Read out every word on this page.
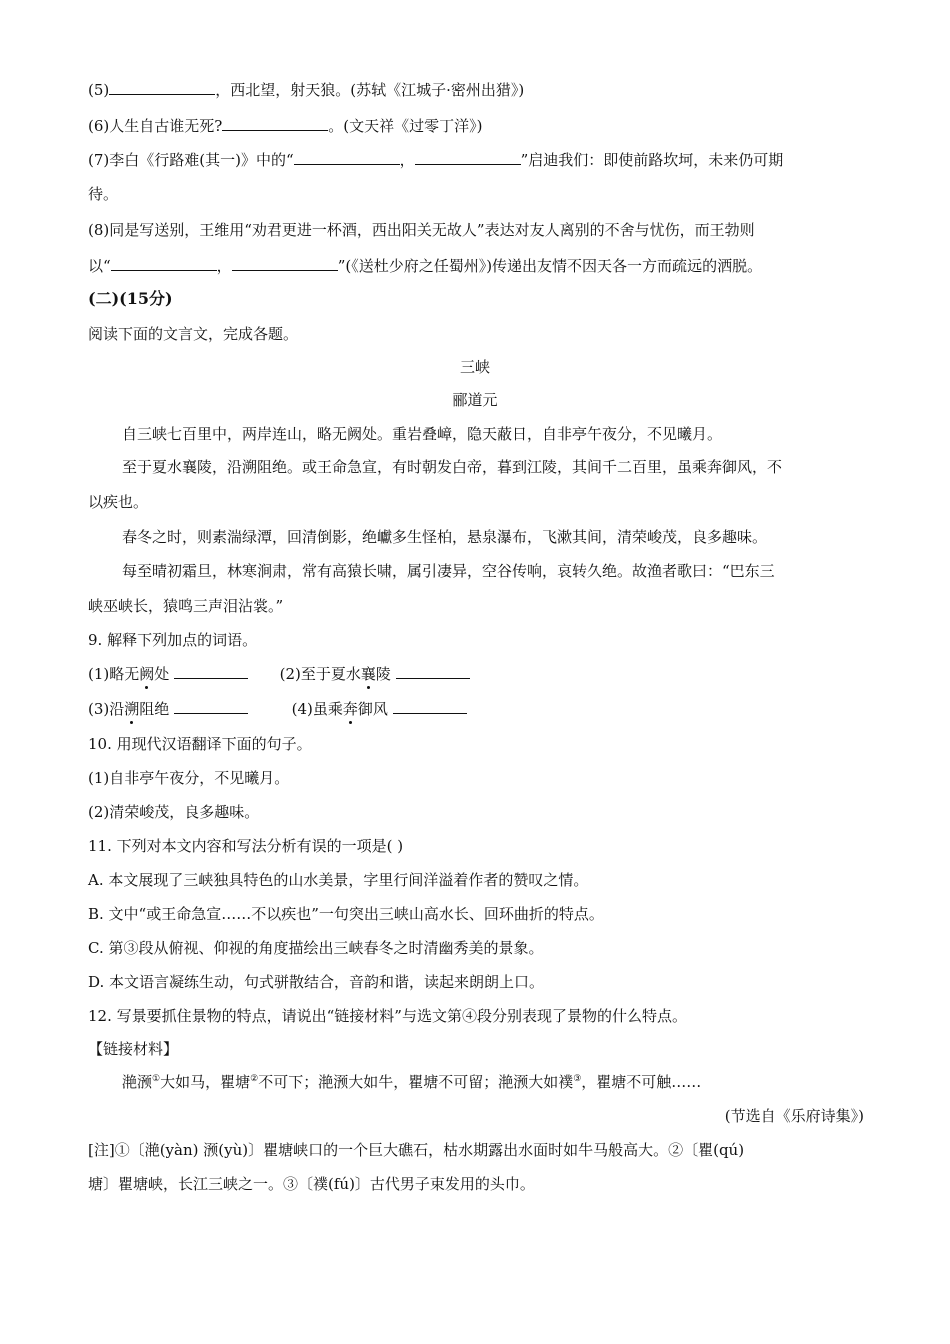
(5)	，西北望，射天狼。(苏轼《江城子·密州出猎》)
(6)人生自古谁无死?	。(文天祥《过零丁洋》)
(7)李白《行路难(其一)》中的“	，	”启迪我们：即使前路坎坷，未来仍可期
待。
(8)同是写送别，王维用“劝君更进一杯酒，西出阳关无故人”表达对友人离别的不舍与忧伤，而王勃则
以“	，	”(《送杜少府之任蜀州》)传递出友情不因天各一方而疏远的洒脱。
(二)(15分)
阅读下面的文言文，完成各题。
三峡
郦道元
自三峡七百里中，两岸连山，略无阙处。重岩叠嶂，隐天蔽日，自非亭午夜分，不见曦月。
至于夏水襄陵，沿溯阻绝。或王命急宣，有时朝发白帝，暮到江陵，其间千二百里，虽乘奔御风，不
以疾也。
春冬之时，则素湍绿潭，回清倒影，绝巘多生怪柏，悬泉瀑布，飞漱其间，清荣峻茂，良多趣味。
每至晴初霜旦，林寒涧肃，常有高猿长啸，属引凄异，空谷传响，哀转久绝。故渔者歌曰：“巴东三
峡巫峡长，猿鸣三声泪沾裳。”
9. 解释下列加点的词语。
(1)略无阙处	(2)至于夏水襄陵
(3)沿溯阻绝	(4)虽乘奔御风
10. 用现代汉语翻译下面的句子。
(1)自非亭午夜分，不见曦月。
(2)清荣峻茂，良多趣味。
11. 下列对本文内容和写法分析有误的一项是( )
A. 本文展现了三峡独具特色的山水美景，字里行间洋溢着作者的赞叹之情。
B. 文中“或王命急宣……不以疾也”一句突出三峡山高水长、回环曲折的特点。
C. 第③段从俯视、仰视的角度描绘出三峡春冬之时清幽秀美的景象。
D. 本文语言凝练生动，句式骈散结合，音韵和谐，读起来朗朗上口。
12. 写景要抓住景物的特点，请说出“链接材料”与选文第④段分别表现了景物的什么特点。
【链接材料】
滟滪①大如马，瞿塘②不可下；滟滪大如牛，瞿塘不可留；滟滪大如襆③，瞿塘不可触……
(节选自《乐府诗集》)
[注]①〔滟(yàn) 滪(yù)〕瞿塘峡口的一个巨大礁石，枯水期露出水面时如牛马般高大。②〔瞿(qú)
塘〕瞿塘峡，长江三峡之一。③〔襆(fú)〕古代男子束发用的头巾。
